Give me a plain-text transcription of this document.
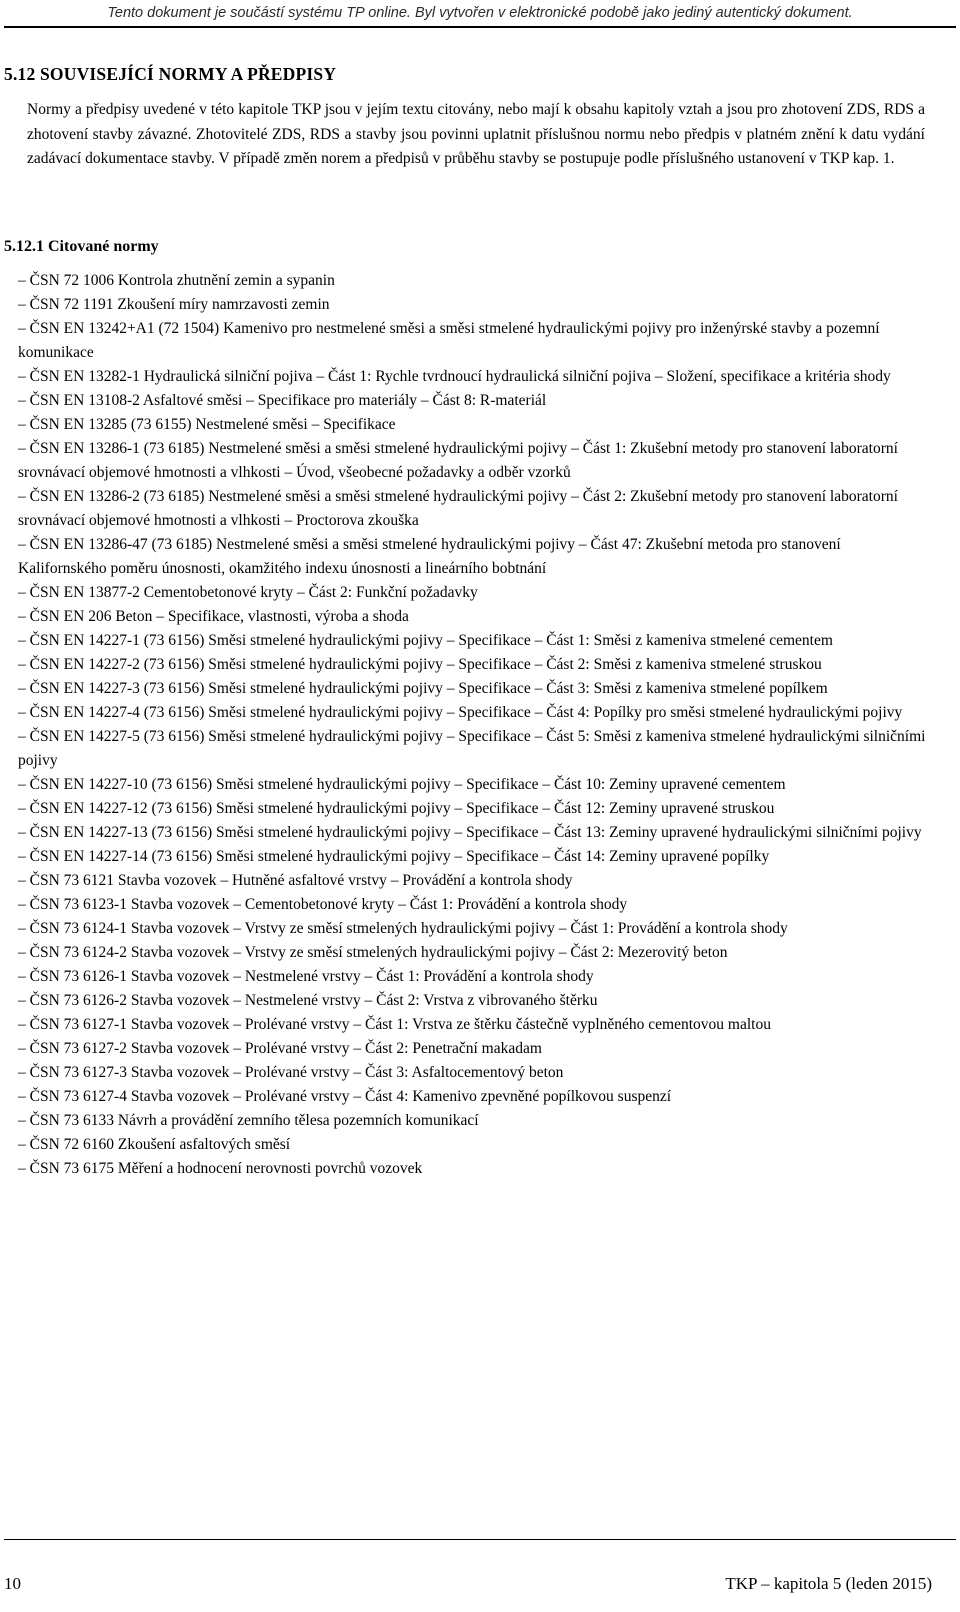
Tento dokument je součástí systému TP online. Byl vytvořen v elektronické podobě jako jediný autentický dokument.
5.12 SOUVISEJÍCÍ NORMY A PŘEDPISY

Normy a předpisy uvedené v této kapitole TKP jsou v jejím textu citovány, nebo mají k obsahu kapitoly vztah a jsou pro zhotovení ZDS, RDS a zhotovení stavby závazné. Zhotovitelé ZDS, RDS a stavby jsou povinni uplatnit příslušnou normu nebo předpis v platném znění k datu vydání zadávací dokumentace stavby. V případě změn norem a předpisů v průběhu stavby se postupuje podle příslušného ustanovení v TKP kap. 1.

5.12.1 Citované normy
– ČSN 72 1006 Kontrola zhutnění zemin a sypanin
– ČSN 72 1191 Zkoušení míry namrzavosti zemin
– ČSN EN 13242+A1 (72 1504) Kamenivo pro nestmelené směsi a směsi stmelené hydraulickými pojivy pro inženýrské stavby a pozemní komunikace
– ČSN EN 13282-1 Hydraulická silniční pojiva – Část 1: Rychle tvrdnoucí hydraulická silniční pojiva – Složení, specifikace a kritéria shody
– ČSN EN 13108-2 Asfaltové směsi – Specifikace pro materiály – Část 8: R-materiál
– ČSN EN 13285 (73 6155) Nestmelené směsi – Specifikace
– ČSN EN 13286-1 (73 6185) Nestmelené směsi a směsi stmelené hydraulickými pojivy – Část 1: Zkušební metody pro stanovení laboratorní srovnávací objemové hmotnosti a vlhkosti – Úvod, všeobecné požadavky a odběr vzorků
– ČSN EN 13286-2 (73 6185) Nestmelené směsi a směsi stmelené hydraulickými pojivy – Část 2: Zkušební metody pro stanovení laboratorní srovnávací objemové hmotnosti a vlhkosti – Proctorova zkouška
– ČSN EN 13286-47 (73 6185) Nestmelené směsi a směsi stmelené hydraulickými pojivy – Část 47: Zkušební metoda pro stanovení Kalifornského poměru únosnosti, okamžitého indexu únosnosti a lineárního bobtnání
– ČSN EN 13877-2 Cementobetonové kryty – Část 2: Funkční požadavky
– ČSN EN 206 Beton – Specifikace, vlastnosti, výroba a shoda
– ČSN EN 14227-1 (73 6156) Směsi stmelené hydraulickými pojivy – Specifikace – Část 1: Směsi z kameniva stmelené cementem
– ČSN EN 14227-2 (73 6156) Směsi stmelené hydraulickými pojivy – Specifikace – Část 2: Směsi z kameniva stmelené struskou
– ČSN EN 14227-3 (73 6156) Směsi stmelené hydraulickými pojivy – Specifikace – Část 3: Směsi z kameniva stmelené popílkem
– ČSN EN 14227-4 (73 6156) Směsi stmelené hydraulickými pojivy – Specifikace – Část 4: Popílky pro směsi stmelené hydraulickými pojivy
– ČSN EN 14227-5 (73 6156) Směsi stmelené hydraulickými pojivy – Specifikace – Část 5: Směsi z kameniva stmelené hydraulickými silničními pojivy
– ČSN EN 14227-10 (73 6156) Směsi stmelené hydraulickými pojivy – Specifikace – Část 10: Zeminy upravené cementem
– ČSN EN 14227-12 (73 6156) Směsi stmelené hydraulickými pojivy – Specifikace – Část 12: Zeminy upravené struskou
– ČSN EN 14227-13 (73 6156) Směsi stmelené hydraulickými pojivy – Specifikace – Část 13: Zeminy upravené hydraulickými silničními pojivy
– ČSN EN 14227-14 (73 6156) Směsi stmelené hydraulickými pojivy – Specifikace – Část 14: Zeminy upravené popílky
– ČSN 73 6121 Stavba vozovek – Hutněné asfaltové vrstvy – Provádění a kontrola shody
– ČSN 73 6123-1 Stavba vozovek – Cementobetonové kryty – Část 1: Provádění a kontrola shody
– ČSN 73 6124-1 Stavba vozovek – Vrstvy ze směsí stmelených hydraulickými pojivy – Část 1: Provádění a kontrola shody
– ČSN 73 6124-2 Stavba vozovek – Vrstvy ze směsí stmelených hydraulickými pojivy – Část 2: Mezerovitý beton
– ČSN 73 6126-1 Stavba vozovek – Nestmelené vrstvy – Část 1: Provádění a kontrola shody
– ČSN 73 6126-2 Stavba vozovek – Nestmelené vrstvy – Část 2: Vrstva z vibrovaného štěrku
– ČSN 73 6127-1 Stavba vozovek – Prolévané vrstvy – Část 1: Vrstva ze štěrku částečně vyplněného cementovou maltou
– ČSN 73 6127-2 Stavba vozovek – Prolévané vrstvy – Část 2: Penetrační makadam
– ČSN 73 6127-3 Stavba vozovek – Prolévané vrstvy – Část 3: Asfaltocementový beton
– ČSN 73 6127-4 Stavba vozovek – Prolévané vrstvy – Část 4: Kamenivo zpevněné popílkovou suspenzí
– ČSN 73 6133 Návrh a provádění zemního tělesa pozemních komunikací
– ČSN 72 6160 Zkoušení asfaltových směsí
– ČSN 73 6175 Měření a hodnocení nerovnosti povrchů vozovek
10	TKP – kapitola 5 (leden 2015)
